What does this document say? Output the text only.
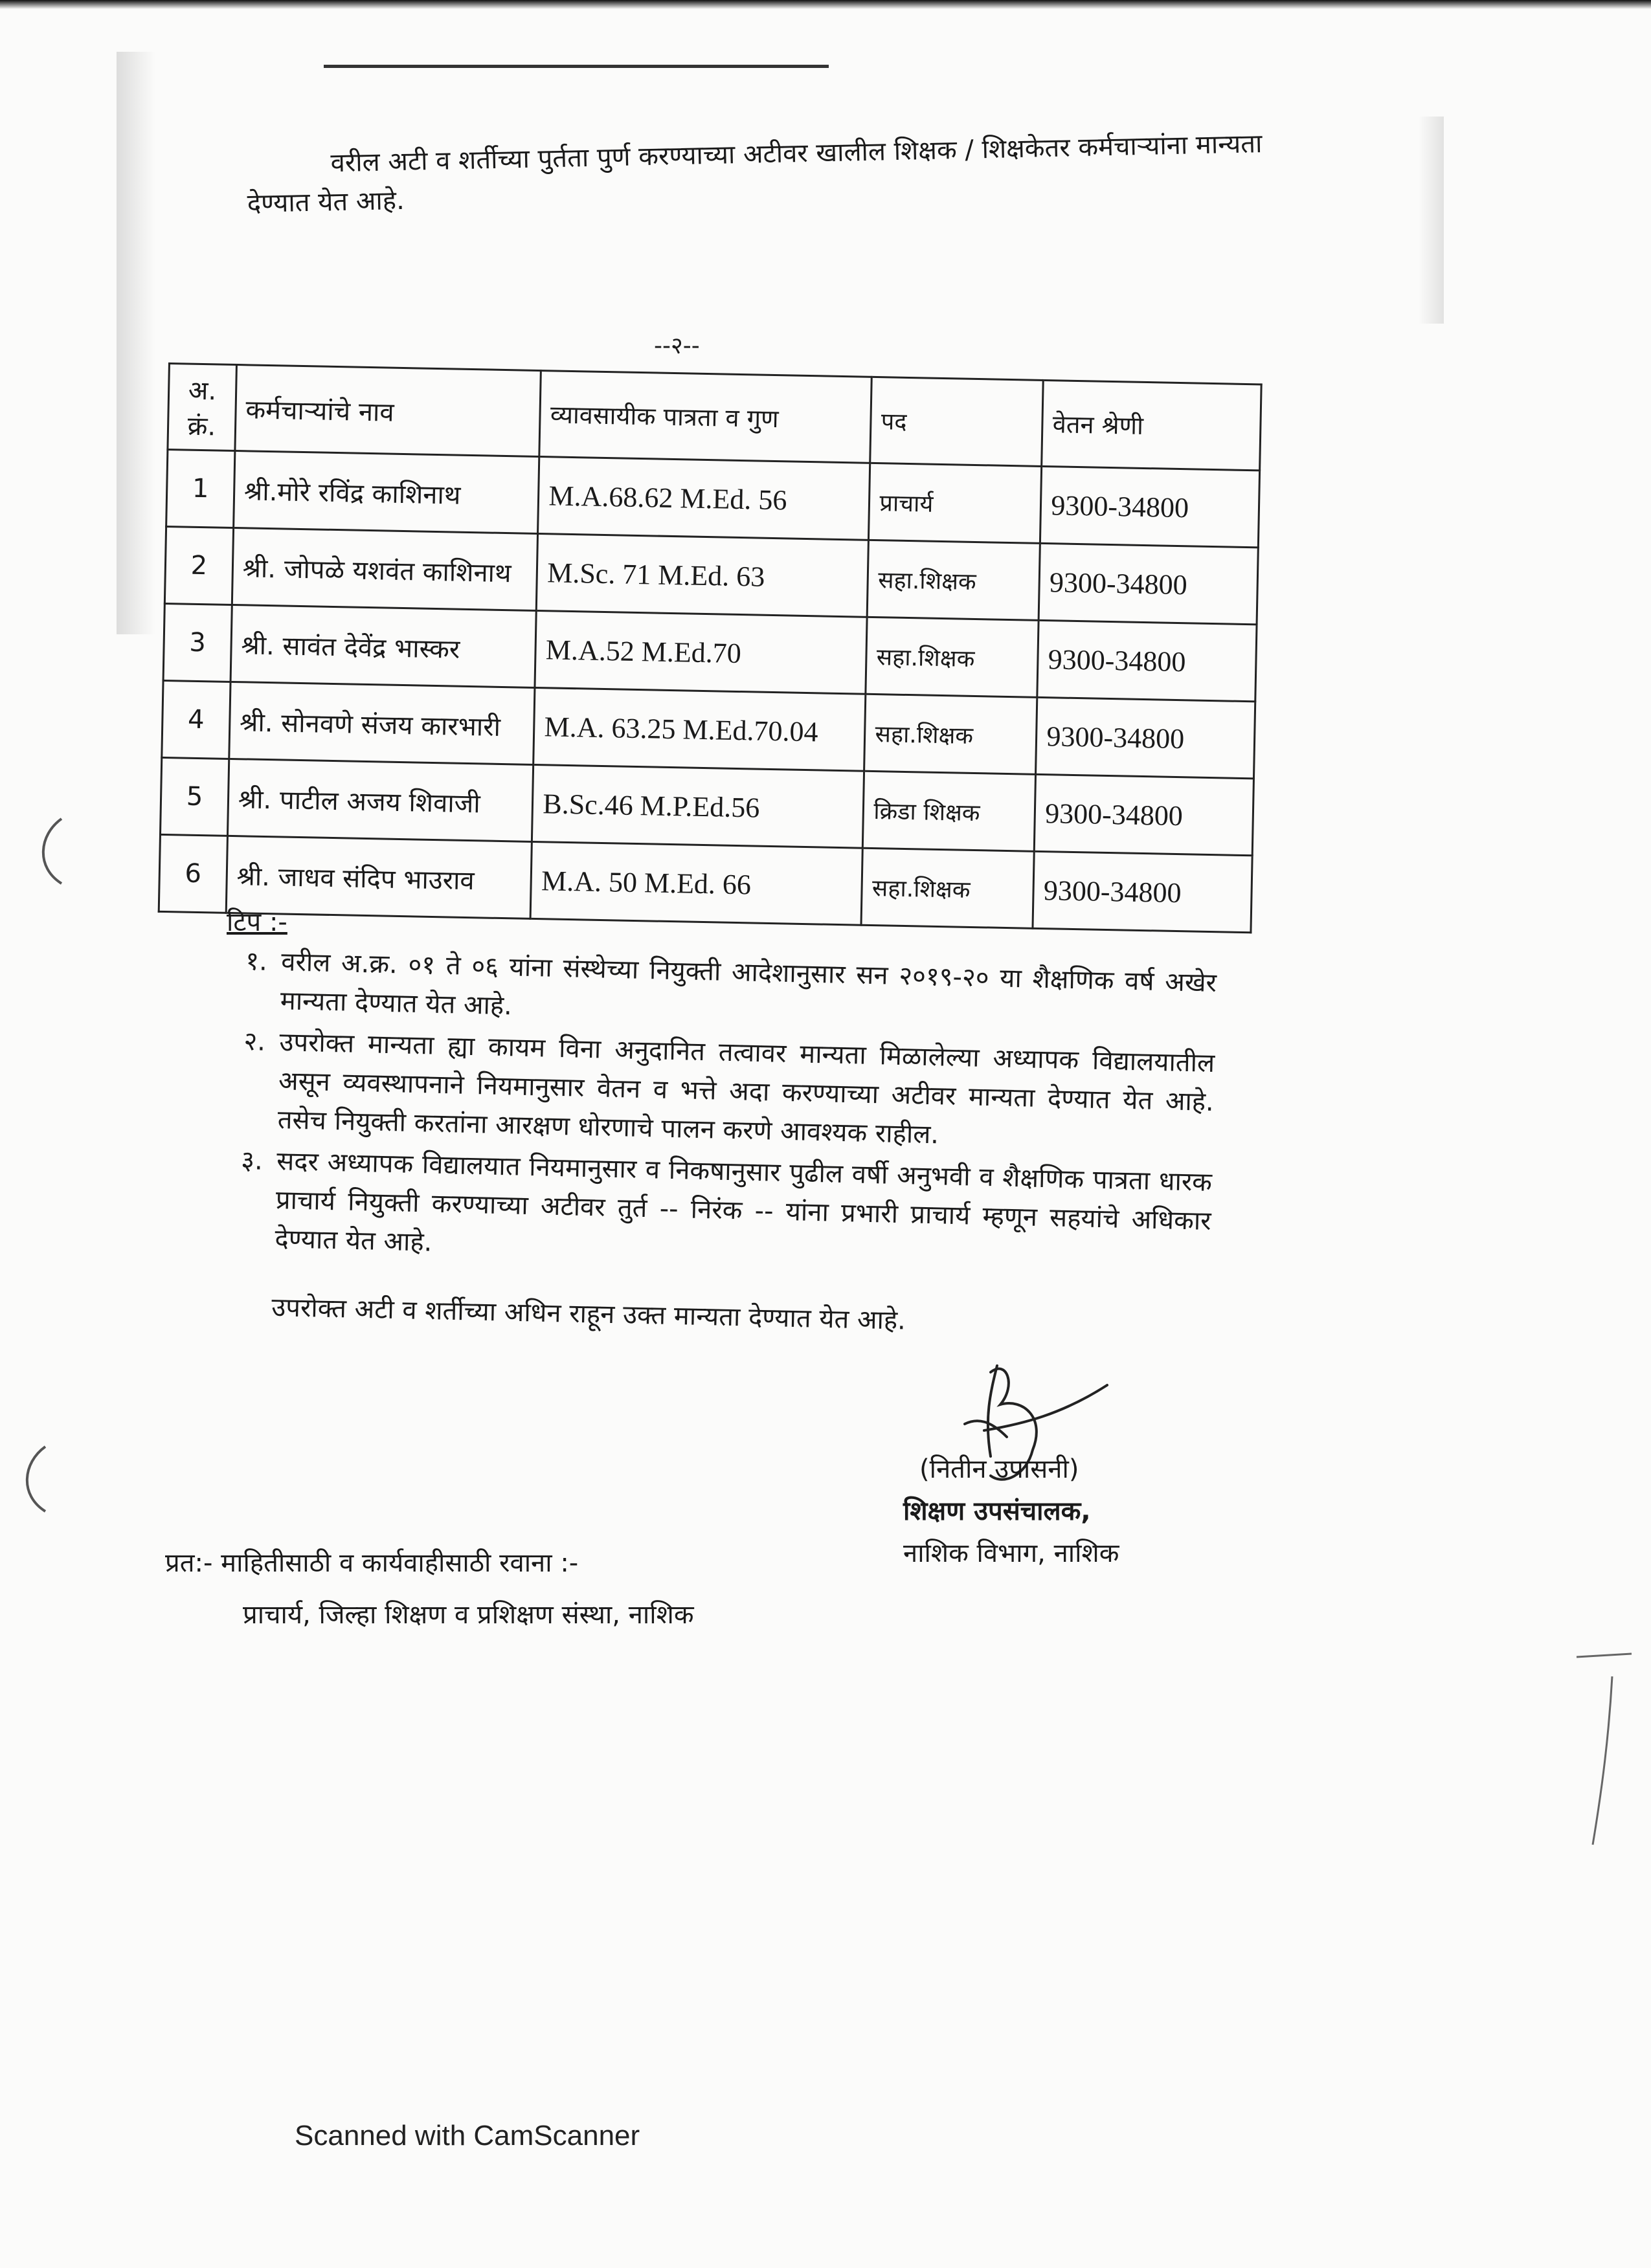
वरील अटी व शर्तीच्या पुर्तता पुर्ण करण्याच्या अटीवर खालील शिक्षक / शिक्षकेतर कर्मचाऱ्यांना मान्यता देण्यात येत आहे.
--२--
अ. क्रं.	कर्मचाऱ्यांचे नाव	व्यावसायीक पात्रता व गुण	पद	वेतन श्रेणी
1	श्री.मोरे रविंद्र काशिनाथ	M.A.68.62 M.Ed. 56	प्राचार्य	9300-34800
2	श्री. जोपळे यशवंत काशिनाथ	M.Sc. 71 M.Ed. 63	सहा.शिक्षक	9300-34800
3	श्री. सावंत देवेंद्र भास्कर	M.A.52 M.Ed.70	सहा.शिक्षक	9300-34800
4	श्री. सोनवणे संजय कारभारी	M.A. 63.25 M.Ed.70.04	सहा.शिक्षक	9300-34800
5	श्री. पाटील अजय शिवाजी	B.Sc.46 M.P.Ed.56	क्रिडा शिक्षक	9300-34800
6	श्री. जाधव संदिप भाउराव	M.A. 50 M.Ed. 66	सहा.शिक्षक	9300-34800
टिप :-
१. वरील अ.क्र. ०१ ते ०६ यांना संस्थेच्या नियुक्ती आदेशानुसार सन २०१९-२० या शैक्षणिक वर्ष अखेर मान्यता देण्यात येत आहे.
२. उपरोक्त मान्यता ह्या कायम विना अनुदानित तत्वावर मान्यता मिळालेल्या अध्यापक विद्यालयातील असून व्यवस्थापनाने नियमानुसार वेतन व भत्ते अदा करण्याच्या अटीवर मान्यता देण्यात येत आहे. तसेच नियुक्ती करतांना आरक्षण धोरणाचे पालन करणे आवश्यक राहील.
३. सदर अध्यापक विद्यालयात नियमानुसार व निकषानुसार पुढील वर्षी अनुभवी व शैक्षणिक पात्रता धारक प्राचार्य नियुक्ती करण्याच्या अटीवर तुर्त -- निरंक -- यांना प्रभारी प्राचार्य म्हणून सहयांचे अधिकार देण्यात येत आहे.
उपरोक्त अटी व शर्तीच्या अधिन राहून उक्त मान्यता देण्यात येत आहे.
(नितीन उपासनी)
शिक्षण उपसंचालक,
नाशिक विभाग, नाशिक
प्रत:- माहितीसाठी व कार्यवाहीसाठी रवाना :-
प्राचार्य, जिल्हा शिक्षण व प्रशिक्षण संस्था, नाशिक
Scanned with CamScanner
